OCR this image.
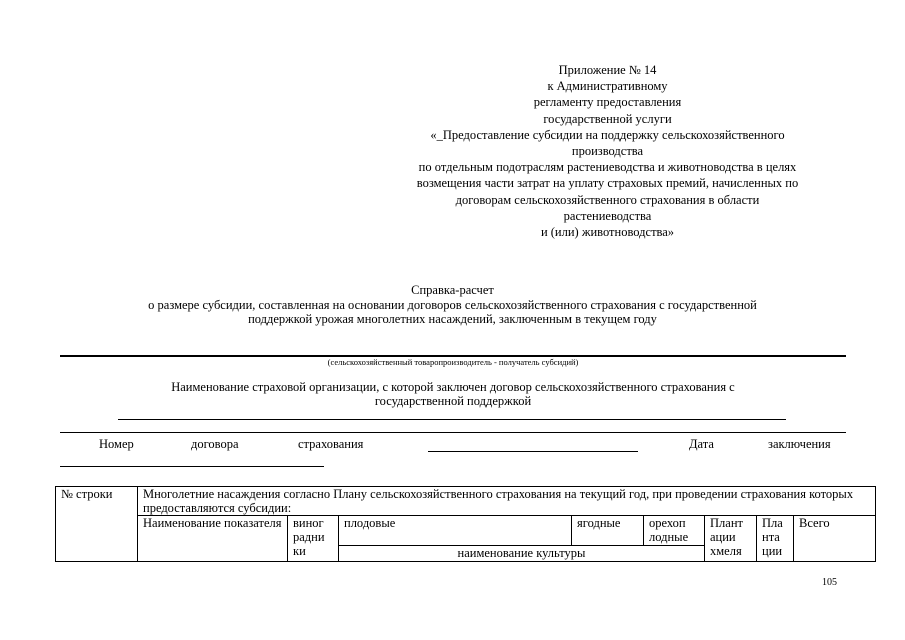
Приложение № 14
к Административному
регламенту предоставления
государственной услуги
«_Предоставление субсидии на поддержку сельскохозяйственного
производства
по отдельным подотраслям растениеводства и животноводства в целях
возмещения части затрат на уплату страховых премий, начисленных по
договорам сельскохозяйственного страхования в области
растениеводства
и (или) животноводства»
Справка-расчет
о размере субсидии, составленная на основании договоров сельскохозяйственного страхования с государственной
поддержкой урожая многолетних насаждений, заключенным в текущем году
(сельскохозяйственный товаропроизводитель - получатель субсидий)
Наименование страховой организации, с которой заключен договор сельскохозяйственного страхования с
государственной поддержкой
Номер	договора	страхования	Дата	заключения
№ строки	Многолетние насаждения согласно Плану сельскохозяйственного страхования на текущий год, при проведении страхования которых предоставляются субсидии:							
	Наименование показателя	виног радни ки	плодовые	ягодные	орехоп лодные	Плант ации хмеля	Пла нта ции	Всего
			наименование культуры					
105
